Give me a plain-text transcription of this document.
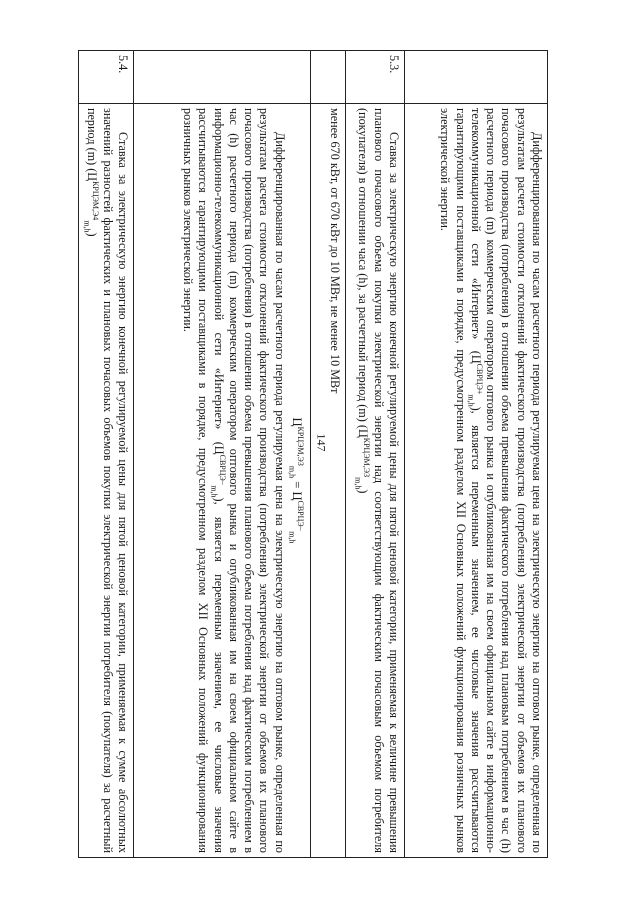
147
		Дифференцированная по часам расчетного периода регулируемая цена на электрическую энергию на оптовом рынке, определенная по результатам расчета стоимости отклонений фактического производства (потребления) электрической энергии от объемов их планового почасового производства (потребления) в отношении объема превышения фактического потребления над плановым потреблением в час (h) расчетного периода (m) коммерческим оператором оптового рынка и опубликованная им на своем официальном сайте в информационно-телекоммуникационной сети «Интернет» $(Ц^{СВРЦЭ+}_{m,h})$, является переменным значением, ее числовые значения рассчитываются гарантирующими поставщиками в порядке, предусмотренном разделом XII Основных положений функционирования розничных рынков электрической энергии.
5.3.	Ставка за электрическую энергию конечной регулируемой цены для пятой ценовой категории, применяемая к величине превышения планового почасового объема покупки электрической энергии над соответствующим фактическим почасовым объемом потребителя (покупателя) в отношении часа (h), за расчетный период (m) $(Ц^{КРЦЭМ,ЭЗ}_{m,h})$
	менее 670 кВт, от 670 кВт до 10 МВт, не менее 10 МВт

	$Ц^{КРЦЭМ,ЭЗ}_{m,h} = Ц^{СВРЦЭ-}_{m,h}$
Дифференцированная по часам расчетного периода регулируемая цена на электрическую энергию на оптовом рынке, определенная по результатам расчета стоимости отклонений фактического производства (потребления) электрической энергии от объемов их планового почасового производства (потребления) в отношении объема превышения планового объема потребления над фактическим потреблением в час (h) расчетного периода (m) коммерческим оператором оптового рынка и опубликованная им на своем официальном сайте в информационно-телекоммуникационной сети «Интернет» $(Ц^{СВРЦЭ-}_{m,h})$, является переменным значением, ее числовые значения рассчитываются гарантирующими поставщиками в порядке, предусмотренном разделом XII Основных положений функционирования розничных рынков электрической энергии.

5.4.	Ставка за электрическую энергию конечной регулируемой цены для пятой ценовой категории, применяемая к сумме абсолютных значений разностей фактических и плановых почасовых объемов покупки электрической энергии потребителя (покупателя) за расчетный период (m) $(Ц^{КРЦЭМ,Э4}_{m,h})$
